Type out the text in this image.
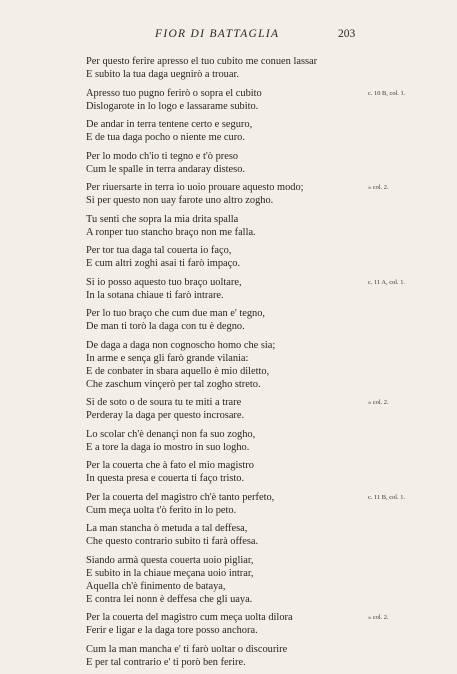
FIOR DI BATTAGLIA	203
Per questo ferire apresso el tuo cubito me conuen lassar
E subito la tua daga uegnirò a trouar.
Apresso tuo pugno ferirò o sopra el cubito
Dislogarote in lo logo e lassarame subito.
De andar in terra tentene certo e seguro,
E de tua daga pocho o niente me curo.
Per lo modo ch'io ti tegno e t'ò preso
Cum le spalle in terra andaray disteso.
Per riuersarte in terra io uoio prouare aquesto modo;
Si per questo non uay farote uno altro zogho.
Tu senti che sopra la mia drita spalla
A ronper tuo stancho braço non me falla.
Per tor tua daga tal couerta io faço,
E cum altri zoghi asai ti farò impaço.
Si io posso aquesto tuo braço uoltare,
In la sotana chiaue ti farò intrare.
Per lo tuo braço che cum due man e' tegno,
De man ti torò la daga con tu è degno.
De daga a daga non cognoscho homo che sia;
In arme e sença gli farò grande vilania:
E de conbater in sbara aquello è mio diletto,
Che zaschum vinçerò per tal zogho streto.
Si de soto o de soura tu te miti a trare
Perderay la daga per questo incrosare.
Lo scolar ch'è denançi non fa suo zogho,
E a tore la daga io mostro in suo logho.
Per la couerta che à fato el mio magistro
In questa presa e couerta ti faço tristo.
Per la couerta del magistro ch'è tanto perfeto,
Cum meça uolta t'ò ferito in lo peto.
La man stancha ò metuda a tal deffesa,
Che questo contrario subito ti farà offesa.
Siando armà questa couerta uoio pigliar,
E subito in la chiaue meçana uoio intrar,
Aquella ch'è finimento de bataya,
E contra lei nonn è deffesa che gli uaya.
Per la couerta del magistro cum meça uolta dilora
Ferir e ligar e la daga tore posso anchora.
Cum la man mancha e' ti farò uoltar o discourire
E per tal contrario e' ti porò ben ferire.
c. 10 B, col. 1.
» col. 2.
c. 11 A, col. 1.
» col. 2.
c. 11 B, col. 1.
» col. 2.
